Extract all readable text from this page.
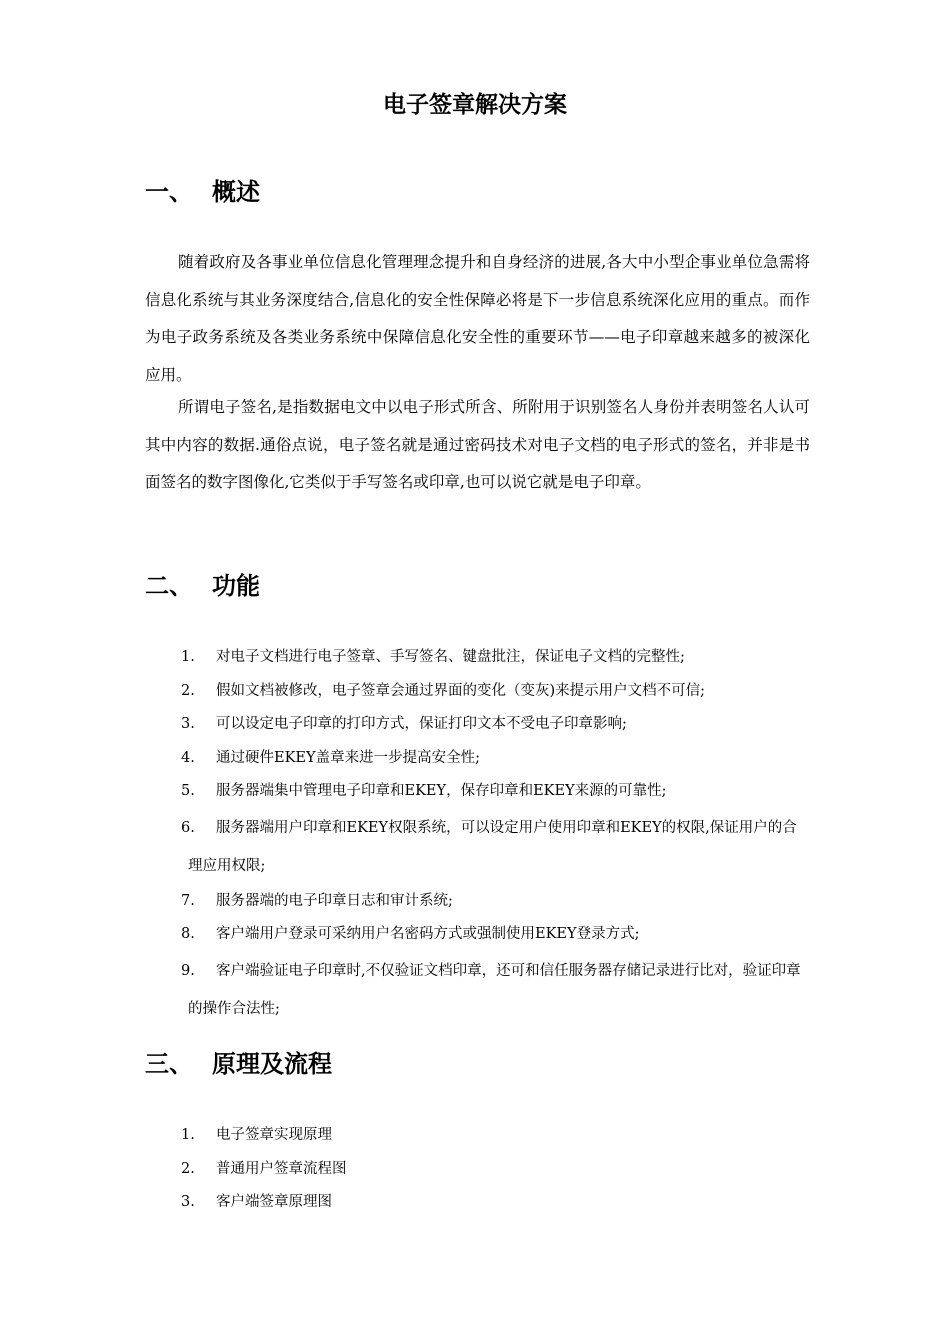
电子签章解决方案
一、 概述

随着政府及各事业单位信息化管理理念提升和自身经济的进展,各大中小型企事业单位急需将信息化系统与其业务深度结合,信息化的安全性保障必将是下一步信息系统深化应用的重点。而作为电子政务系统及各类业务系统中保障信息化安全性的重要环节——电子印章越来越多的被深化应用。

所谓电子签名,是指数据电文中以电子形式所含、所附用于识别签名人身份并表明签名人认可其中内容的数据.通俗点说，电子签名就是通过密码技术对电子文档的电子形式的签名，并非是书面签名的数字图像化,它类似于手写签名或印章,也可以说它就是电子印章。

二、 功能
1. 对电子文档进行电子签章、手写签名、键盘批注，保证电子文档的完整性;
2. 假如文档被修改，电子签章会通过界面的变化（变灰)来提示用户文档不可信;
3. 可以设定电子印章的打印方式，保证打印文本不受电子印章影响;
4. 通过硬件EKEY盖章来进一步提高安全性;
5. 服务器端集中管理电子印章和EKEY，保存印章和EKEY来源的可靠性;
6. 服务器端用户印章和EKEY权限系统，可以设定用户使用印章和EKEY的权限,保证用户的合理应用权限;
7. 服务器端的电子印章日志和审计系统;
8. 客户端用户登录可采纳用户名密码方式或强制使用EKEY登录方式;
9. 客户端验证电子印章时,不仅验证文档印章，还可和信任服务器存储记录进行比对，验证印章的操作合法性;
三、 原理及流程
1. 电子签章实现原理
2. 普通用户签章流程图
3. 客户端签章原理图
